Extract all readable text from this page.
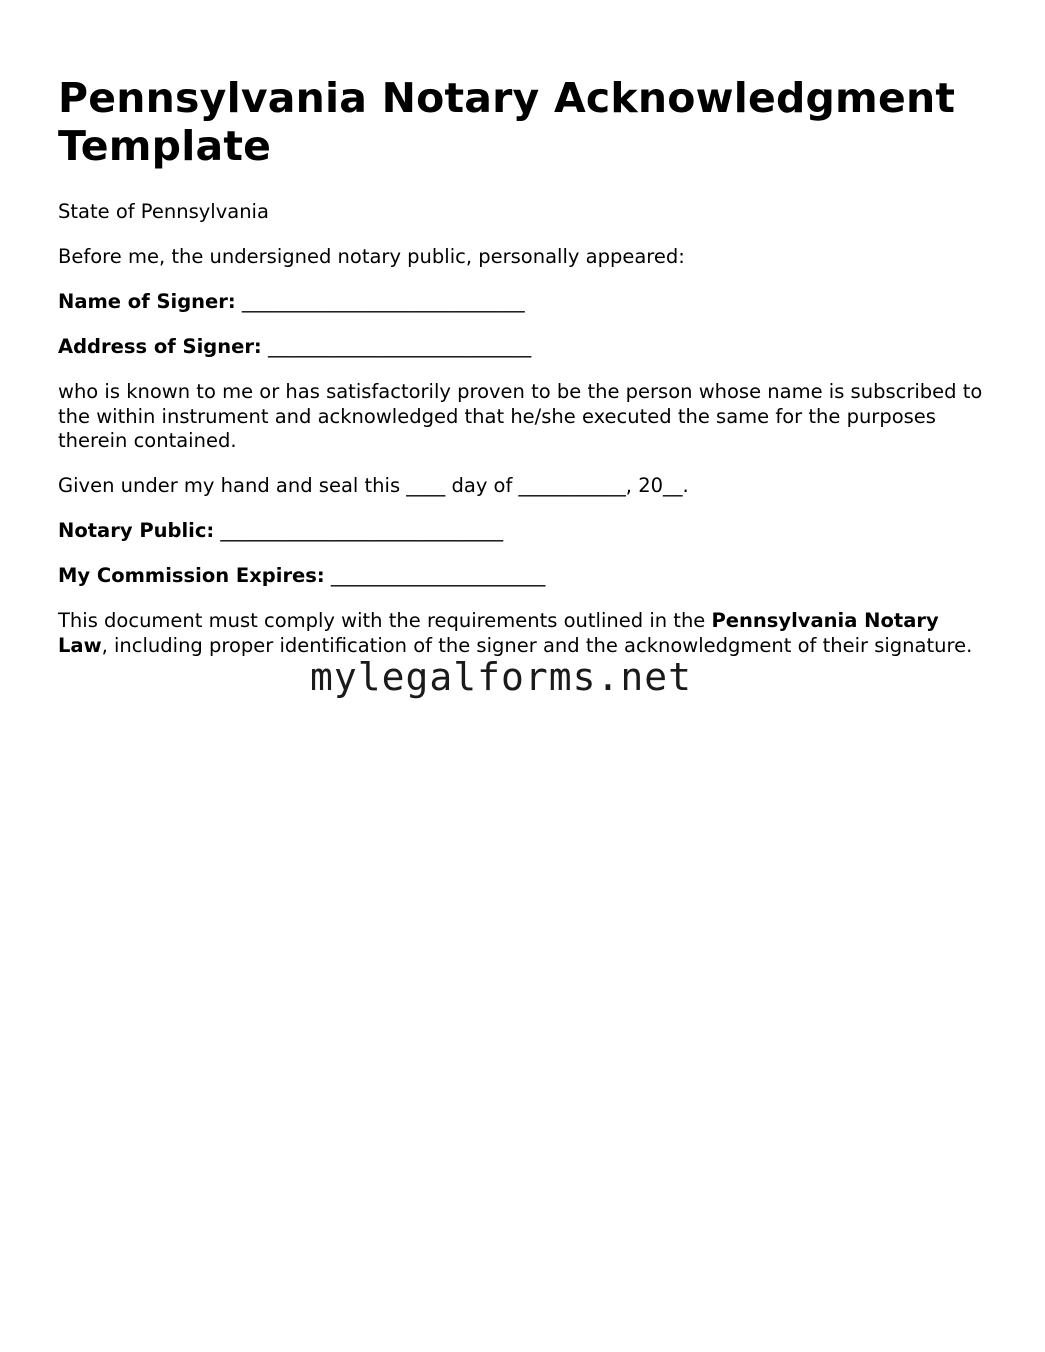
Pennsylvania Notary Acknowledgment Template

State of Pennsylvania

Before me, the undersigned notary public, personally appeared:

Name of Signer: _____________________________

Address of Signer: ___________________________

who is known to me or has satisfactorily proven to be the person whose name is subscribed to the within instrument and acknowledged that he/she executed the same for the purposes therein contained.

Given under my hand and seal this ____ day of ___________, 20__.

Notary Public: _____________________________

My Commission Expires: ______________________

This document must comply with the requirements outlined in the Pennsylvania Notary Law, including proper identification of the signer and the acknowledgment of their signature.

mylegalforms.net
